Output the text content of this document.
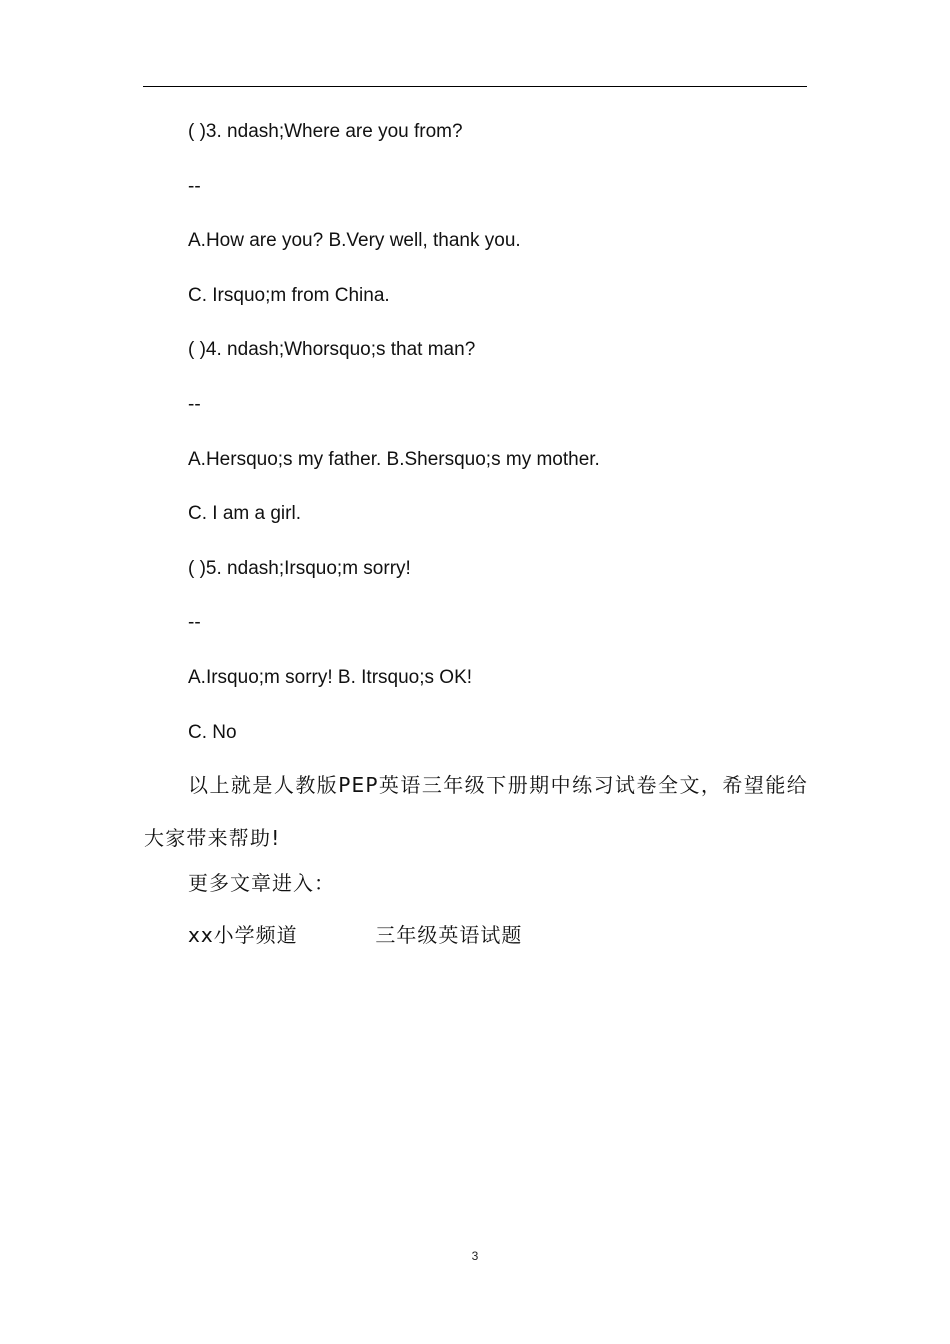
( )3. ndash;Where are you from?
--
A.How are you? B.Very well, thank you.
C. Irsquo;m from China.
( )4. ndash;Whorsquo;s that man?
--
A.Hersquo;s my father. B.Shersquo;s my mother.
C. I am a girl.
( )5. ndash;Irsquo;m sorry!
--
A.Irsquo;m sorry! B. Itrsquo;s OK!
C. No

以上就是人教版PEP英语三年级下册期中练习试卷全文，希望能给大家带来帮助!

更多文章进入：
xx小学频道	三年级英语试题
3
